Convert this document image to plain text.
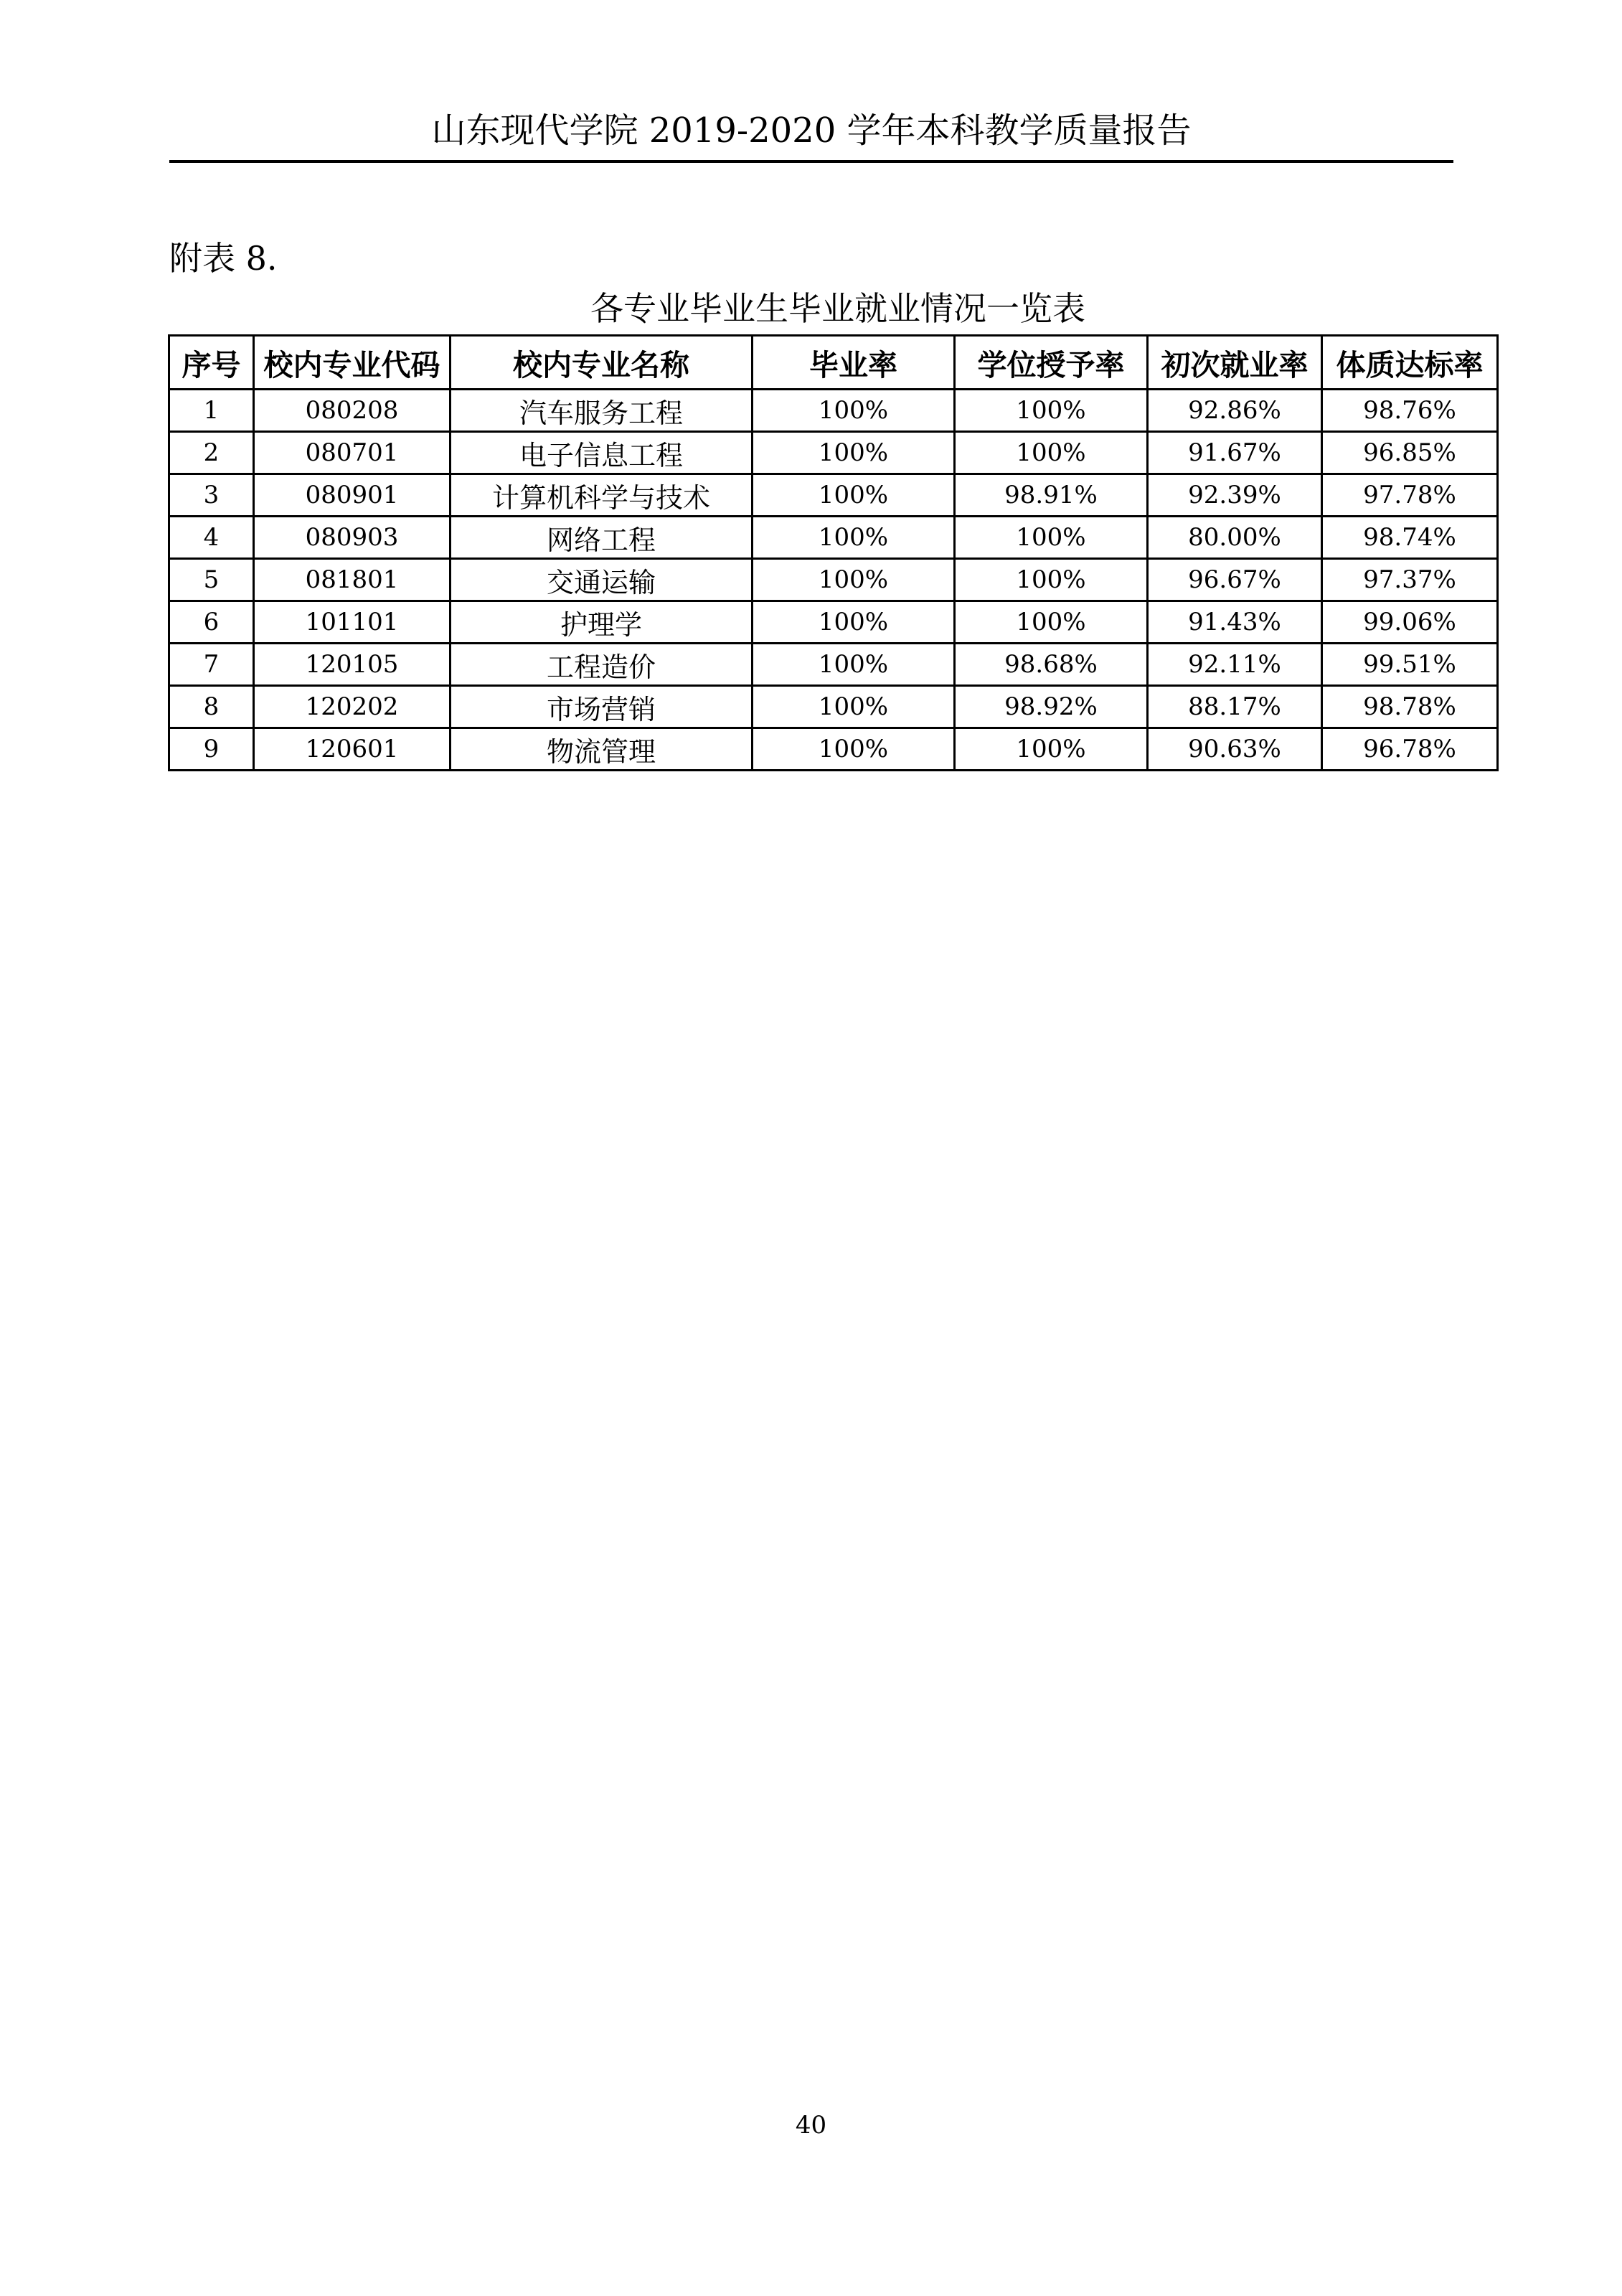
山东现代学院 2019-2020 学年本科教学质量报告
附表 8.
各专业毕业生毕业就业情况一览表
序号	校内专业代码	校内专业名称	毕业率	学位授予率	初次就业率	体质达标率
1	080208	汽车服务工程	100%	100%	92.86%	98.76%
2	080701	电子信息工程	100%	100%	91.67%	96.85%
3	080901	计算机科学与技术	100%	98.91%	92.39%	97.78%
4	080903	网络工程	100%	100%	80.00%	98.74%
5	081801	交通运输	100%	100%	96.67%	97.37%
6	101101	护理学	100%	100%	91.43%	99.06%
7	120105	工程造价	100%	98.68%	92.11%	99.51%
8	120202	市场营销	100%	98.92%	88.17%	98.78%
9	120601	物流管理	100%	100%	90.63%	96.78%
40
